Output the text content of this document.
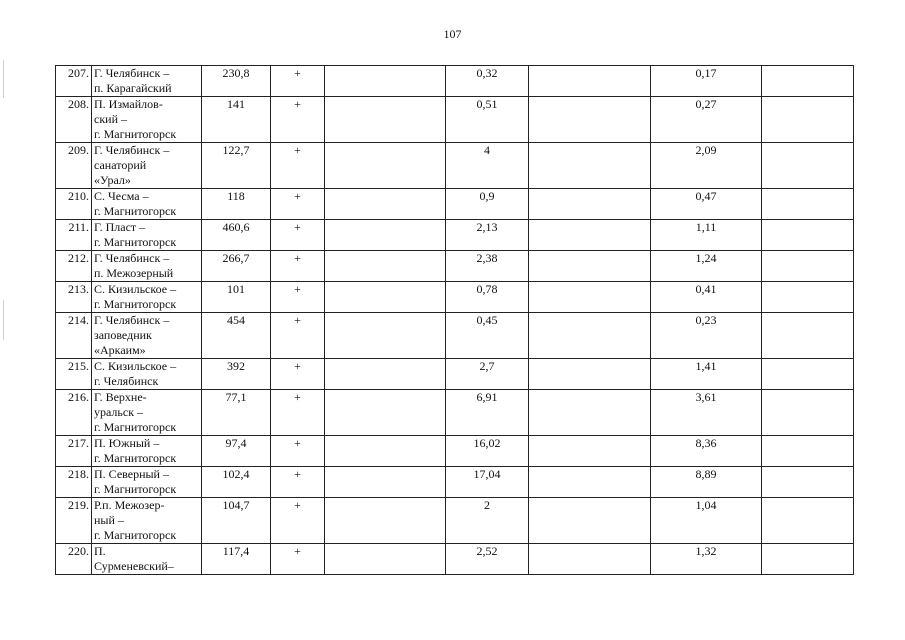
107
207.	Г. Челябинск –
п. Карагайский	230,8	+		0,32		0,17	
208.	П. Измайлов-
ский –
г. Магнитогорск	141	+		0,51		0,27	
209.	Г. Челябинск –
санаторий
«Урал»	122,7	+		4		2,09	
210.	С. Чесма –
г. Магнитогорск	118	+		0,9		0,47	
211.	Г. Пласт –
г. Магнитогорск	460,6	+		2,13		1,11	
212.	Г. Челябинск –
п. Межозерный	266,7	+		2,38		1,24	
213.	С. Кизильское –
г. Магнитогорск	101	+		0,78		0,41	
214.	Г. Челябинск –
заповедник
«Аркаим»	454	+		0,45		0,23	
215.	С. Кизильское –
г. Челябинск	392	+		2,7		1,41	
216.	Г. Верхне-
уральск –
г. Магнитогорск	77,1	+		6,91		3,61	
217.	П. Южный –
г. Магнитогорск	97,4	+		16,02		8,36	
218.	П. Северный –
г. Магнитогорск	102,4	+		17,04		8,89	
219.	Р.п. Межозер-
ный –
г. Магнитогорск	104,7	+		2		1,04	
220.	П.
Сурменевский–	117,4	+		2,52		1,32	
